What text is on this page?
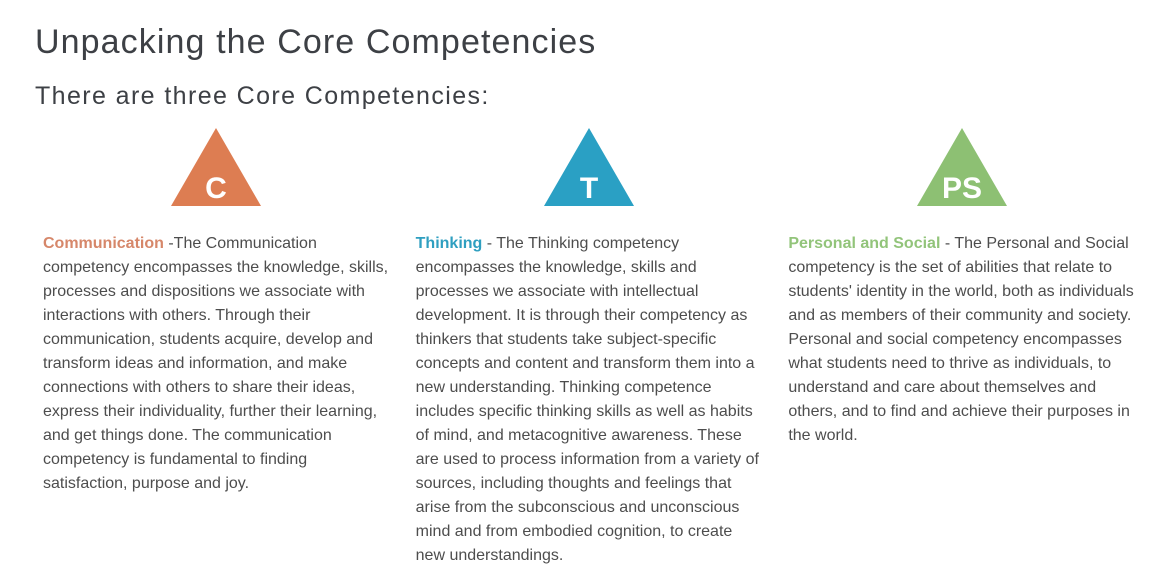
Unpacking the Core Competencies
There are three Core Competencies:
C

Communication -The Communication competency encompasses the knowledge, skills, processes and dispositions we associate with interactions with others. Through their communication, students acquire, develop and transform ideas and information, and make connections with others to share their ideas, express their individuality, further their learning, and get things done. The communication competency is fundamental to finding satisfaction, purpose and joy.

T

Thinking - The Thinking competency encompasses the knowledge, skills and processes we associate with intellectual development. It is through their competency as thinkers that students take subject-specific concepts and content and transform them into a new understanding. Thinking competence includes specific thinking skills as well as habits of mind, and metacognitive awareness. These are used to process information from a variety of sources, including thoughts and feelings that arise from the subconscious and unconscious mind and from embodied cognition, to create new understandings.

PS

Personal and Social - The Personal and Social competency is the set of abilities that relate to students' identity in the world, both as individuals and as members of their community and society. Personal and social competency encompasses what students need to thrive as individuals, to understand and care about themselves and others, and to find and achieve their purposes in the world.
